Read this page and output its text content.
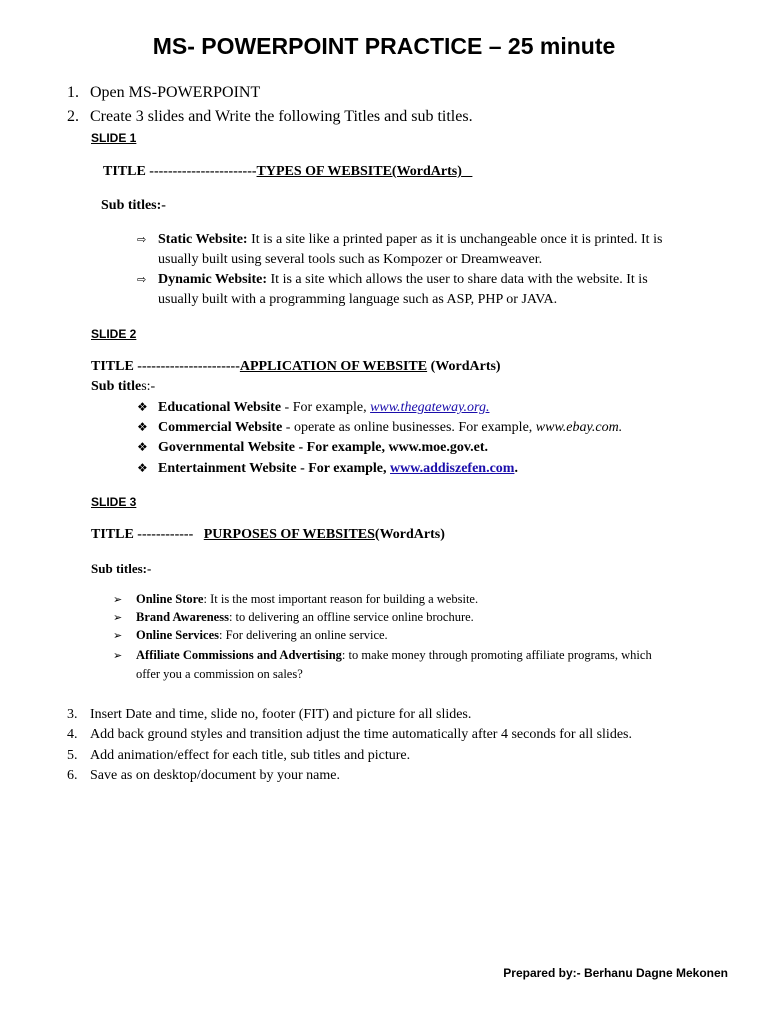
MS- POWERPOINT PRACTICE – 25 minute
1. Open MS-POWERPOINT
2. Create 3 slides and Write the following Titles and sub titles.
SLIDE 1
TITLE -----------------------TYPES OF WEBSITE(WordArts)
Sub titles:-
⇨ Static Website: It is a site like a printed paper as it is unchangeable once it is printed. It is
usually built using several tools such as Kompozer or Dreamweaver.
⇨ Dynamic Website: It is a site which allows the user to share data with the website. It is
usually built with a programming language such as ASP, PHP or JAVA.
SLIDE 2
TITLE ----------------------APPLICATION OF WEBSITE (WordArts)
Sub titles:-
❖ Educational Website - For example, www.thegateway.org.
❖ Commercial Website - operate as online businesses. For example, www.ebay.com.
❖ Governmental Website - For example, www.moe.gov.et.
❖ Entertainment Website - For example, www.addiszefen.com.
SLIDE 3
TITLE ------------   PURPOSES OF WEBSITES(WordArts)
Sub titles:-
➢ Online Store: It is the most important reason for building a website.
➢ Brand Awareness: to delivering an offline service online brochure.
➢ Online Services: For delivering an online service.
➢ Affiliate Commissions and Advertising: to make money through promoting affiliate programs, which
offer you a commission on sales?
3. Insert Date and time, slide no, footer (FIT) and picture for all slides.
4. Add back ground styles and transition adjust the time automatically after 4 seconds for all slides.
5. Add animation/effect for each title, sub titles and picture.
6. Save as on desktop/document by your name.
Prepared by:- Berhanu Dagne Mekonen
